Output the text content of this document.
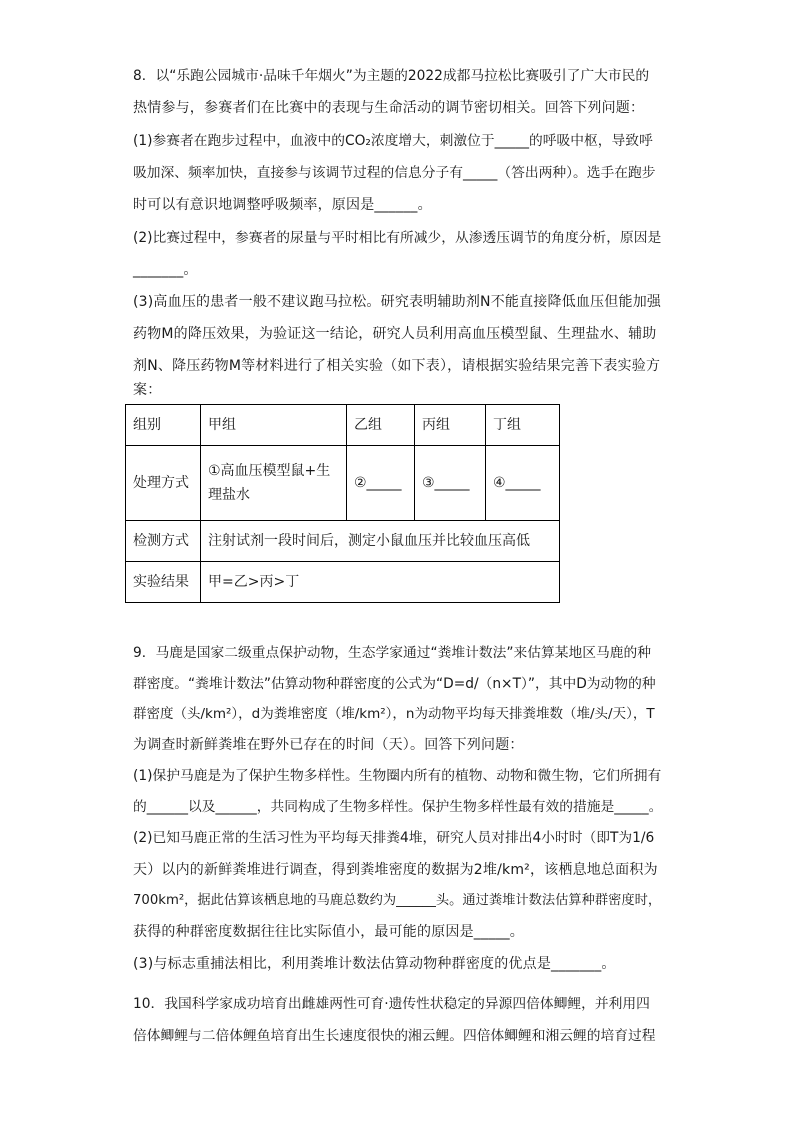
8．以“乐跑公园城市·品味千年烟火”为主题的2022成都马拉松比赛吸引了广大市民的
热情参与，参赛者们在比赛中的表现与生命活动的调节密切相关。回答下列问题：
(1)参赛者在跑步过程中，血液中的CO₂浓度增大，刺激位于_____的呼吸中枢，导致呼
吸加深、频率加快，直接参与该调节过程的信息分子有_____（答出两种）。选手在跑步
时可以有意识地调整呼吸频率，原因是______。
(2)比赛过程中，参赛者的尿量与平时相比有所减少，从渗透压调节的角度分析，原因是
_______。
(3)高血压的患者一般不建议跑马拉松。研究表明辅助剂N不能直接降低血压但能加强
药物M的降压效果，为验证这一结论，研究人员利用高血压模型鼠、生理盐水、辅助
剂N、降压药物M等材料进行了相关实验（如下表），请根据实验结果完善下表实验方
案：
组别	甲组	乙组	丙组	丁组
处理方式	①高血压模型鼠+生理盐水	②_____	③_____	④_____
检测方式	注射试剂一段时间后，测定小鼠血压并比较血压高低			
实验结果	甲=乙>丙>丁			
9．马鹿是国家二级重点保护动物，生态学家通过“粪堆计数法”来估算某地区马鹿的种
群密度。“粪堆计数法”估算动物种群密度的公式为“D=d/（n×T）”，其中D为动物的种
群密度（头/km²），d为粪堆密度（堆/km²），n为动物平均每天排粪堆数（堆/头/天），T
为调查时新鲜粪堆在野外已存在的时间（天）。回答下列问题：
(1)保护马鹿是为了保护生物多样性。生物圈内所有的植物、动物和微生物，它们所拥有
的______以及______，共同构成了生物多样性。保护生物多样性最有效的措施是_____。
(2)已知马鹿正常的生活习性为平均每天排粪4堆，研究人员对排出4小时时（即T为1/6
天）以内的新鲜粪堆进行调查，得到粪堆密度的数据为2堆/km²，该栖息地总面积为
700km²，据此估算该栖息地的马鹿总数约为______头。通过粪堆计数法估算种群密度时，
获得的种群密度数据往往比实际值小，最可能的原因是_____。
(3)与标志重捕法相比，利用粪堆计数法估算动物种群密度的优点是_______。
10．我国科学家成功培育出雌雄两性可育·遗传性状稳定的异源四倍体鲫鲤，并利用四
倍体鲫鲤与二倍体鲤鱼培育出生长速度很快的湘云鲤。四倍体鲫鲤和湘云鲤的培育过程
